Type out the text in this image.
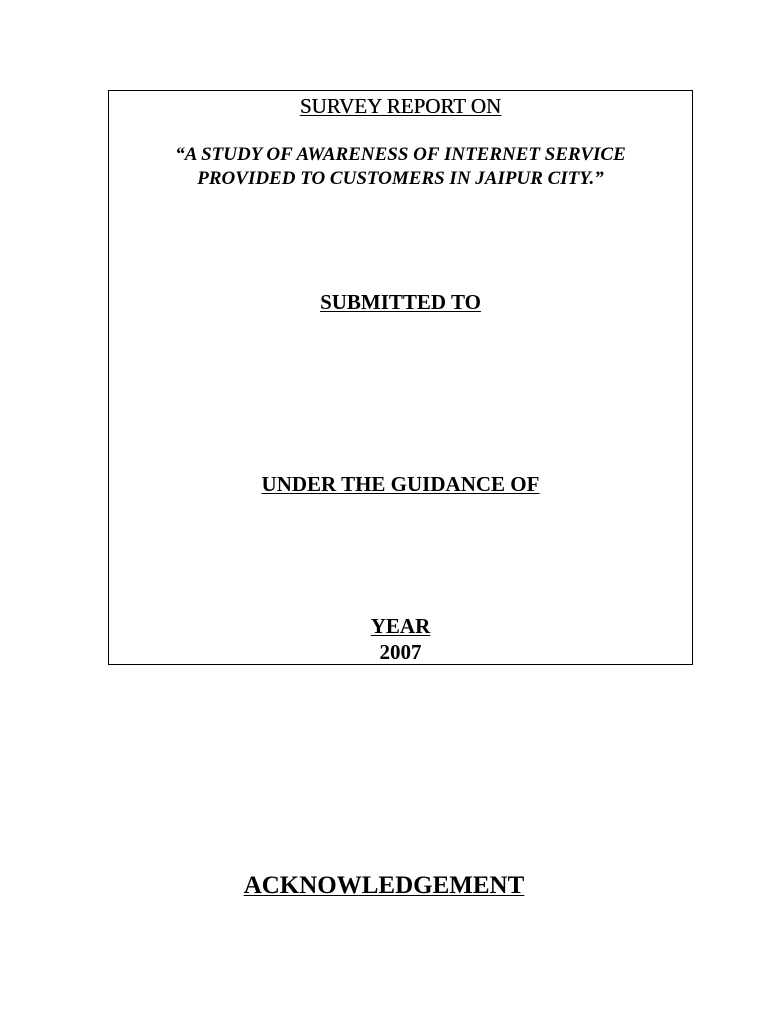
SURVEY REPORT ON
“A STUDY OF AWARENESS OF INTERNET SERVICE
PROVIDED TO CUSTOMERS IN JAIPUR CITY.”
SUBMITTED TO
UNDER THE GUIDANCE OF
YEAR
2007
ACKNOWLEDGEMENT
